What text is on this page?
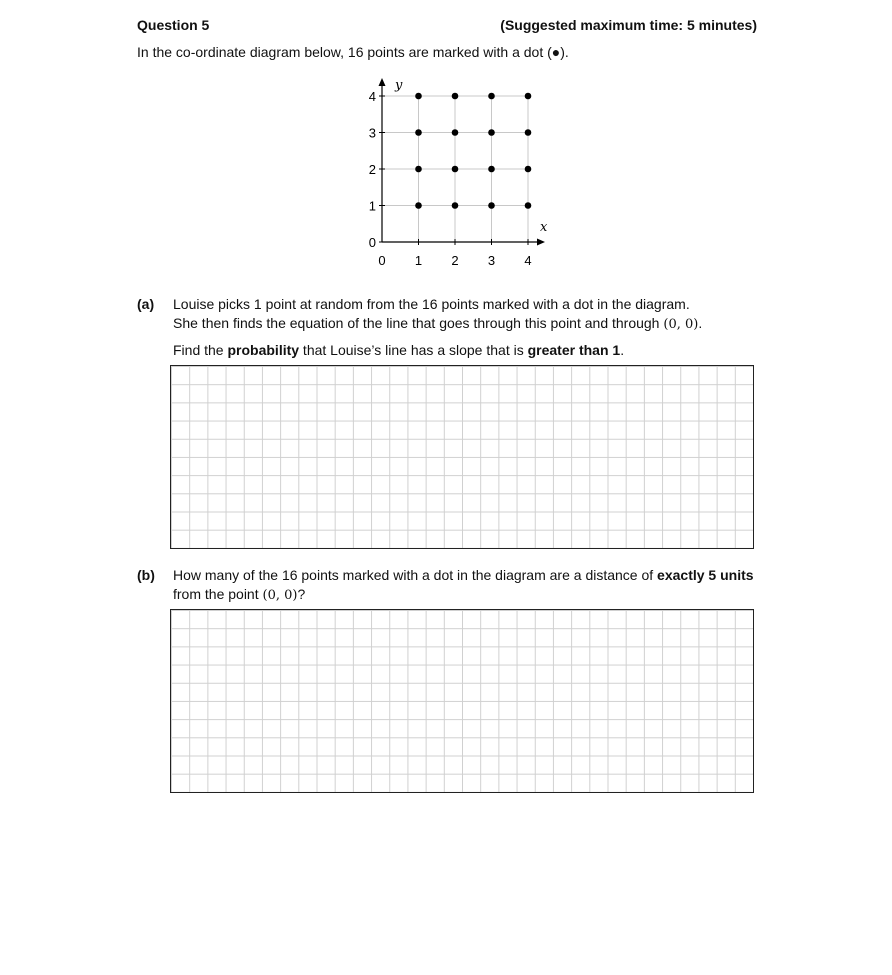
Question 5	(Suggested maximum time: 5 minutes)
In the co-ordinate diagram below, 16 points are marked with a dot (●).
x
y
0 1 2 3 4
0
1
2
3
4
(a) Louise picks 1 point at random from the 16 points marked with a dot in the diagram.
She then finds the equation of the line that goes through this point and through (0, 0).
Find the probability that Louise’s line has a slope that is greater than 1.
(b) How many of the 16 points marked with a dot in the diagram are a distance of exactly 5 units
from the point (0, 0)?
